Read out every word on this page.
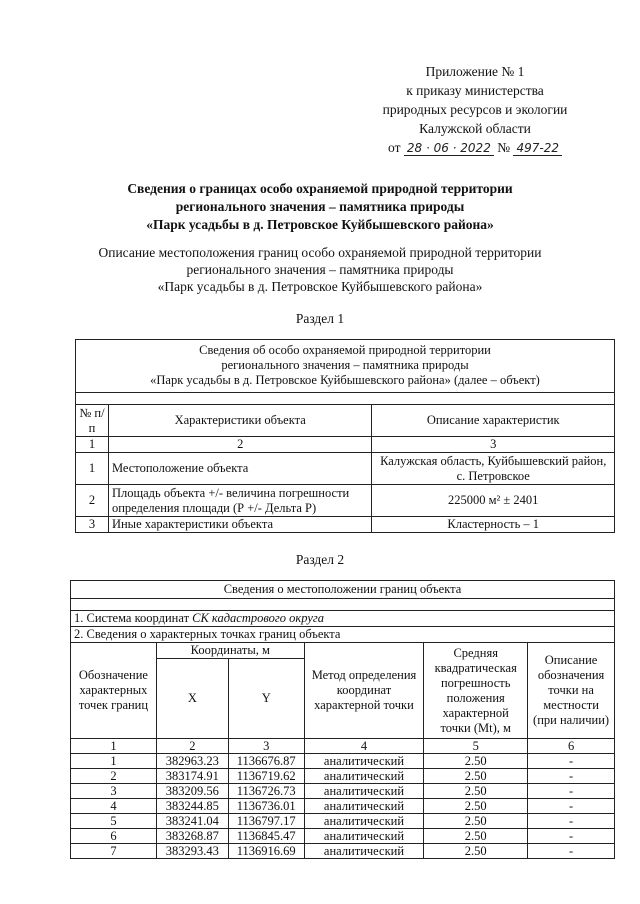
Приложение № 1
к приказу министерства
природных ресурсов и экологии
Калужской области
от 28 · 06 · 2022 № 497-22
Сведения о границах особо охраняемой природной территории
регионального значения – памятника природы
«Парк усадьбы в д. Петровское Куйбышевского района»
Описание местоположения границ особо охраняемой природной территории
регионального значения – памятника природы
«Парк усадьбы в д. Петровское Куйбышевского района»
Раздел 1
Сведения об особо охраняемой природной территории
регионального значения – памятника природы
«Парк усадьбы в д. Петровское Куйбышевского района» (далее – объект)		

№ п/п	Характеристики объекта	Описание характеристик
1	2	3
1	Местоположение объекта	Калужская область, Куйбышевский район, с. Петровское
2	Площадь объекта +/- величина погрешности определения площади (Р +/- Дельта Р)	225000 м² ± 2401
3	Иные характеристики объекта	Кластерность – 1
Раздел 2
Сведения о местоположении границ объекта					

1. Система координат СК кадастрового округа					
2. Сведения о характерных точках границ объекта					
Обозначение характерных точек границ	Координаты, м		Метод определения координат характерной точки	Средняя квадратическая погрешность положения характерной точки (Mt), м	Описание обозначения точки на местности (при наличии)
	X	Y			
1	2	3	4	5	6
1	382963.23	1136676.87	аналитический	2.50	-
2	383174.91	1136719.62	аналитический	2.50	-
3	383209.56	1136726.73	аналитический	2.50	-
4	383244.85	1136736.01	аналитический	2.50	-
5	383241.04	1136797.17	аналитический	2.50	-
6	383268.87	1136845.47	аналитический	2.50	-
7	383293.43	1136916.69	аналитический	2.50	-
